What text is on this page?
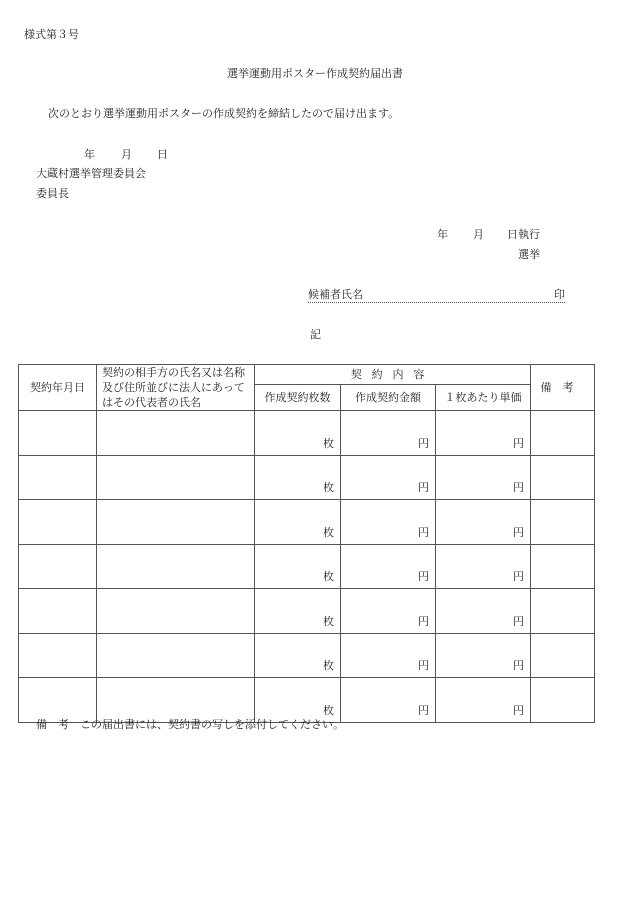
様式第３号
選挙運動用ポスター作成契約届出書
次のとおり選挙運動用ポスターの作成契約を締結したので届け出ます。
年 月 日
大蔵村選挙管理委員会
委員長
年 月 日執行
選挙
候補者氏名	印
記
契約年月日	契約の相手方の氏名又は名称及び住所並びに法人にあってはその代表者の氏名	契約内容			備考
		作成契約枚数	作成契約金額	１枚あたり単価	
		枚	円	円	
		枚	円	円	
		枚	円	円	
		枚	円	円	
		枚	円	円	
		枚	円	円	
		枚	円	円	
備　考　この届出書には、契約書の写しを添付してください。
